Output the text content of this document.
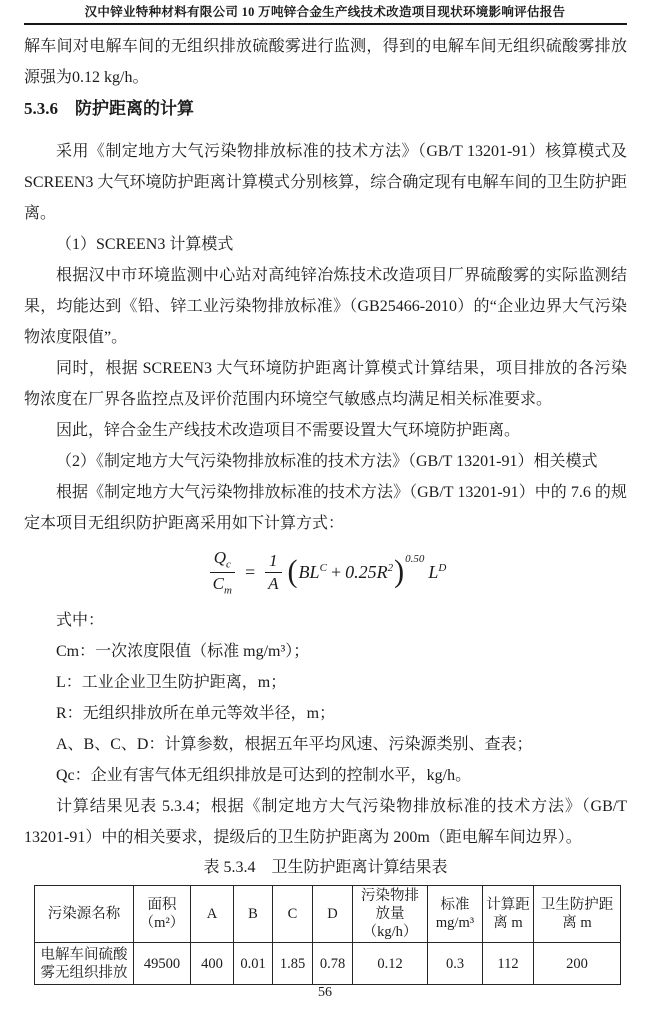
汉中锌业特种材料有限公司 10 万吨锌合金生产线技术改造项目现状环境影响评估报告

解车间对电解车间的无组织排放硫酸雾进行监测，得到的电解车间无组织硫酸雾排放源强为0.12 kg/h。

5.3.6　防护距离的计算

采用《制定地方大气污染物排放标准的技术方法》（GB/T 13201-91）核算模式及SCREEN3 大气环境防护距离计算模式分别核算，综合确定现有电解车间的卫生防护距离。

（1）SCREEN3 计算模式

根据汉中市环境监测中心站对高纯锌冶炼技术改造项目厂界硫酸雾的实际监测结果，均能达到《铅、锌工业污染物排放标准》（GB25466-2010）的“企业边界大气污染物浓度限值”。

同时，根据 SCREEN3 大气环境防护距离计算模式计算结果，项目排放的各污染物浓度在厂界各监控点及评价范围内环境空气敏感点均满足相关标准要求。

因此，锌合金生产线技术改造项目不需要设置大气环境防护距离。

（2）《制定地方大气污染物排放标准的技术方法》（GB/T 13201-91）相关模式

根据《制定地方大气污染物排放标准的技术方法》（GB/T 13201-91）中的 7.6 的规定本项目无组织防护距离采用如下计算方式：

$\frac{Q_c}{C_m} = \frac{1}{A}$ ( $BL^C + 0.25R^2$ )$^{0.50}$
$L^D$

式中：

Cm：一次浓度限值（标准 mg/m³）；

L：工业企业卫生防护距离，m；

R：无组织排放所在单元等效半径，m；

A、B、C、D：计算参数，根据五年平均风速、污染源类别、查表；

Qc：企业有害气体无组织排放是可达到的控制水平，kg/h。

计算结果见表 5.3.4；根据《制定地方大气污染物排放标准的技术方法》（GB/T 13201-91）中的相关要求，提级后的卫生防护距离为 200m（距电解车间边界）。

表 5.3.4　卫生防护距离计算结果表
污染源名称	面积（m²）	A	B	C	D	污染物排放量（kg/h）	标准 mg/m³	计算距离 m	卫生防护距离 m
电解车间硫酸雾无组织排放	49500	400	0.01	1.85	0.78	0.12	0.3	112	200
56
